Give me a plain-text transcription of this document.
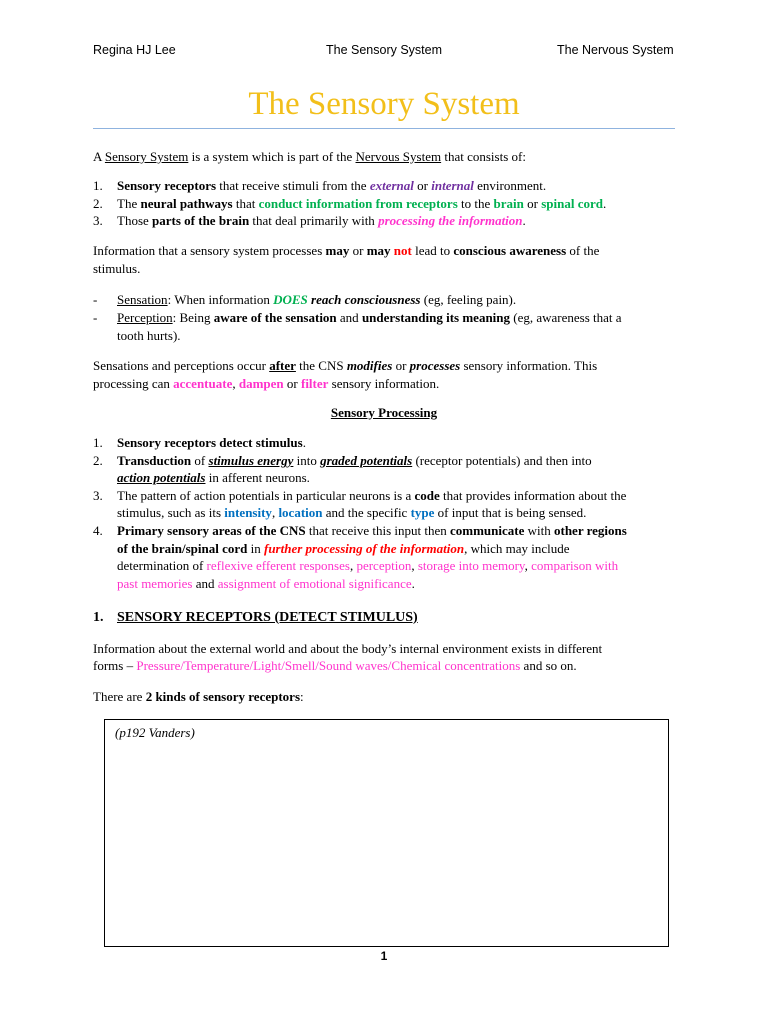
Regina HJ Lee	The Sensory System	The Nervous System
The Sensory System
A Sensory System is a system which is part of the Nervous System that consists of:
1. Sensory receptors that receive stimuli from the external or internal environment.
2. The neural pathways that conduct information from receptors to the brain or spinal cord.
3. Those parts of the brain that deal primarily with processing the information.
Information that a sensory system processes may or may not lead to conscious awareness of the
stimulus.
- Sensation: When information DOES reach consciousness (eg, feeling pain).
- Perception: Being aware of the sensation and understanding its meaning (eg, awareness that a
tooth hurts).
Sensations and perceptions occur after the CNS modifies or processes sensory information. This
processing can accentuate, dampen or filter sensory information.
Sensory Processing
1. Sensory receptors detect stimulus.
2. Transduction of stimulus energy into graded potentials (receptor potentials) and then into
action potentials in afferent neurons.
3. The pattern of action potentials in particular neurons is a code that provides information about the
stimulus, such as its intensity, location and the specific type of input that is being sensed.
4. Primary sensory areas of the CNS that receive this input then communicate with other regions
of the brain/spinal cord in further processing of the information, which may include
determination of reflexive efferent responses, perception, storage into memory, comparison with
past memories and assignment of emotional significance.
1. SENSORY RECEPTORS (DETECT STIMULUS)
Information about the external world and about the body’s internal environment exists in different
forms – Pressure/Temperature/Light/Smell/Sound waves/Chemical concentrations and so on.
There are 2 kinds of sensory receptors:
(p192 Vanders)
1
